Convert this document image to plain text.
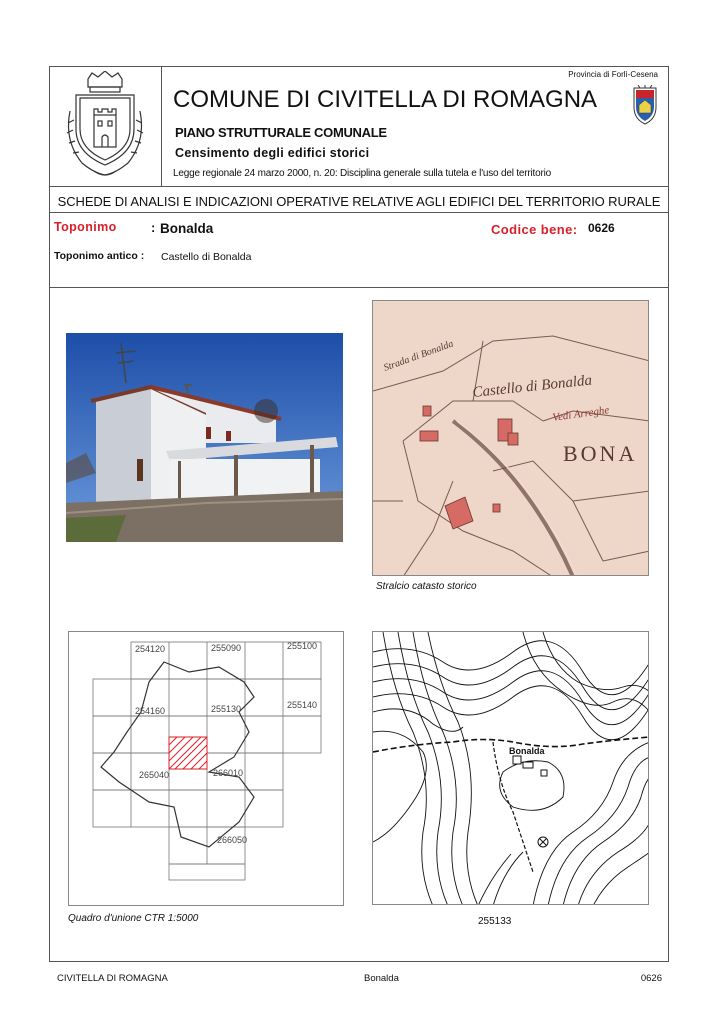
Provincia di Forlì-Cesena
COMUNE DI CIVITELLA DI ROMAGNA
PIANO STRUTTURALE COMUNALE
Censimento degli edifici storici
Legge regionale 24 marzo 2000, n. 20: Disciplina generale sulla tutela e l'uso del territorio
SCHEDE DI ANALISI E INDICAZIONI OPERATIVE RELATIVE AGLI EDIFICI DEL TERRITORIO RURALE
Toponimo	: Bonalda	Codice bene: 0626
Toponimo antico : Castello di Bonalda
Castello di Bonalda
Vedi Arreghe
BONA
Strada di Bonalda
Stralcio catasto storico
254120	255090	255100
254160	255130	255140
265040	266010
266050
Quadro d'unione CTR 1:5000
Bonalda
255133
CIVITELLA DI ROMAGNA	Bonalda	0626
